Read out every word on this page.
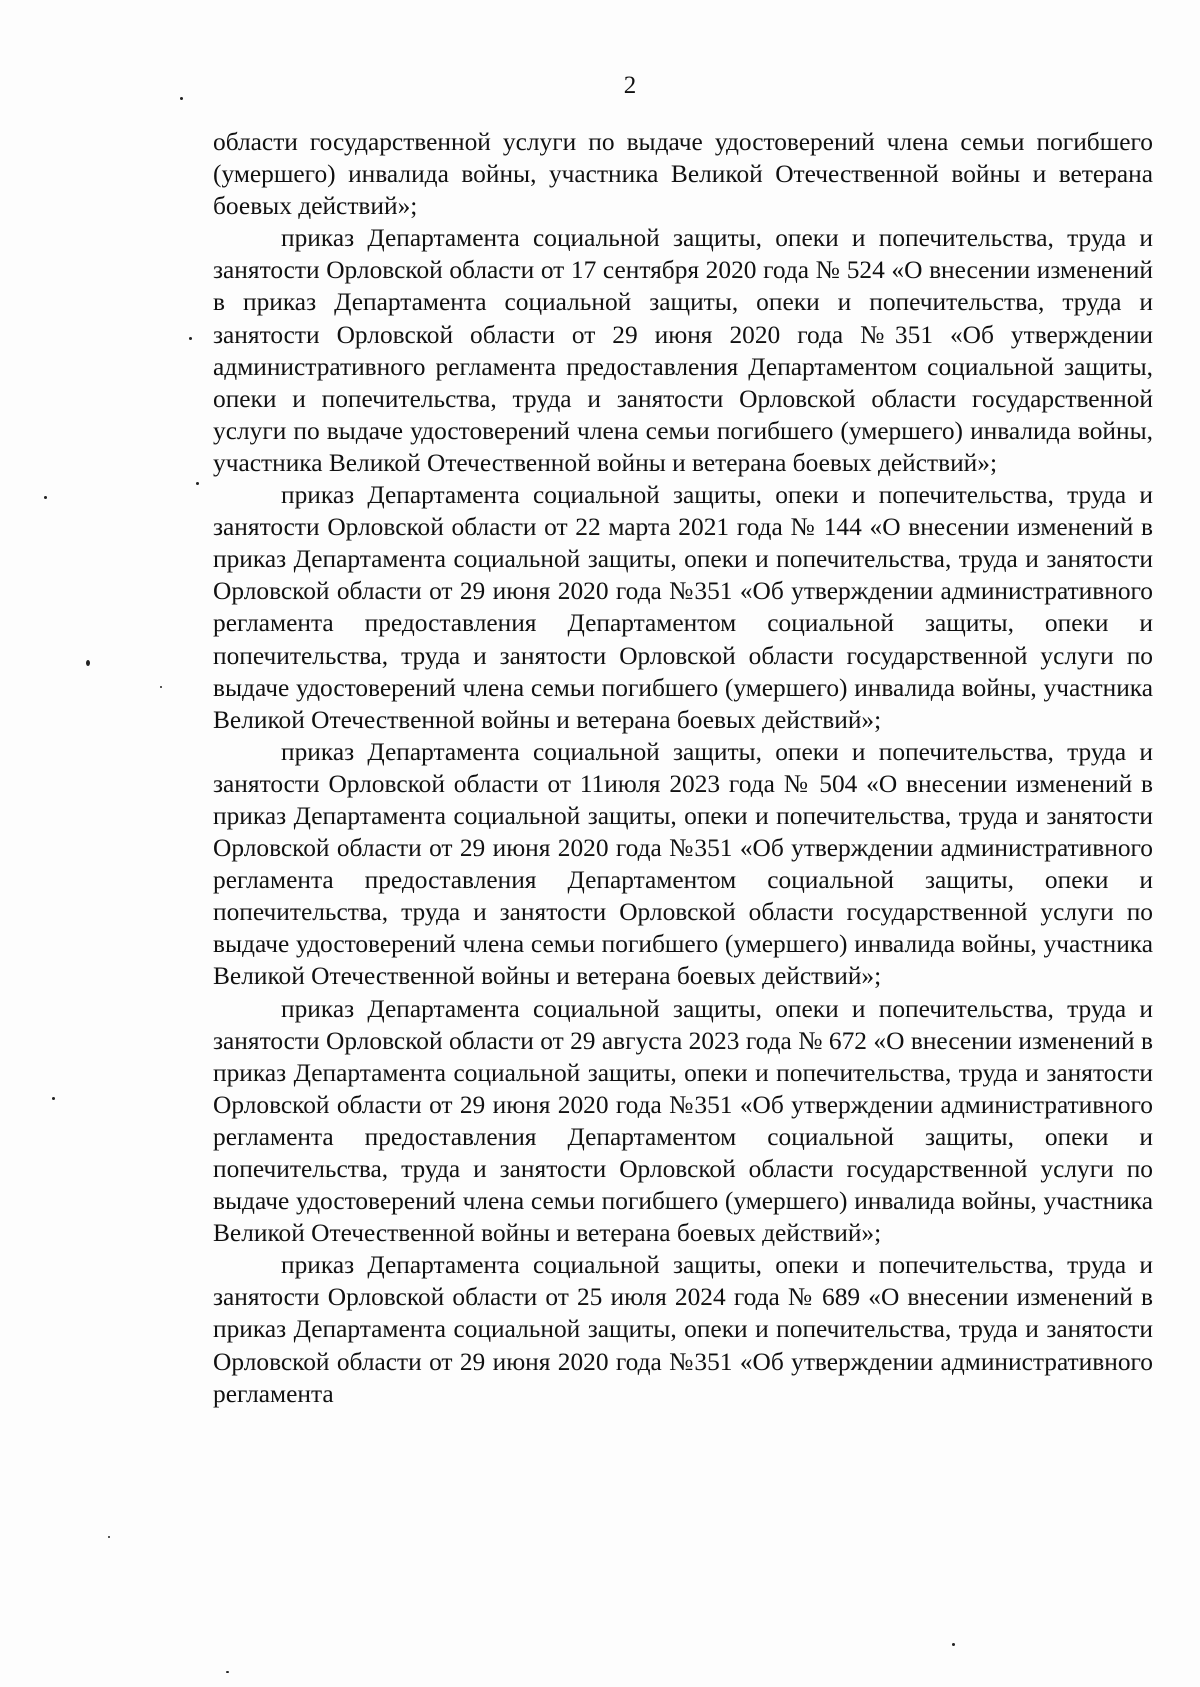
2

области государственной услуги по выдаче удостоверений члена семьи погибшего (умершего) инвалида войны, участника Великой Отечественной войны и ветерана боевых действий»;

приказ Департамента социальной защиты, опеки и попечительства, труда и занятости Орловской области от 17 сентября 2020 года № 524 «О внесении изменений в приказ Департамента социальной защиты, опеки и попечительства, труда и занятости Орловской области от 29 июня 2020 года №351 «Об утверждении административного регламента предоставления Департаментом социальной защиты, опеки и попечительства, труда и занятости Орловской области государственной услуги по выдаче удостоверений члена семьи погибшего (умершего) инвалида войны, участника Великой Отечественной войны и ветерана боевых действий»;

приказ Департамента социальной защиты, опеки и попечительства, труда и занятости Орловской области от 22 марта 2021 года № 144 «О внесении изменений в приказ Департамента социальной защиты, опеки и попечительства, труда и занятости Орловской области от 29 июня 2020 года №351 «Об утверждении административного регламента предоставления Департаментом социальной защиты, опеки и попечительства, труда и занятости Орловской области государственной услуги по выдаче удостоверений члена семьи погибшего (умершего) инвалида войны, участника Великой Отечественной войны и ветерана боевых действий»;

приказ Департамента социальной защиты, опеки и попечительства, труда и занятости Орловской области от 11июля 2023 года № 504 «О внесении изменений в приказ Департамента социальной защиты, опеки и попечительства, труда и занятости Орловской области от 29 июня 2020 года №351 «Об утверждении административного регламента предоставления Департаментом социальной защиты, опеки и попечительства, труда и занятости Орловской области государственной услуги по выдаче удостоверений члена семьи погибшего (умершего) инвалида войны, участника Великой Отечественной войны и ветерана боевых действий»;

приказ Департамента социальной защиты, опеки и попечительства, труда и занятости Орловской области от 29 августа 2023 года № 672 «О внесении изменений в приказ Департамента социальной защиты, опеки и попечительства, труда и занятости Орловской области от 29 июня 2020 года №351 «Об утверждении административного регламента предоставления Департаментом социальной защиты, опеки и попечительства, труда и занятости Орловской области государственной услуги по выдаче удостоверений члена семьи погибшего (умершего) инвалида войны, участника Великой Отечественной войны и ветерана боевых действий»;

приказ Департамента социальной защиты, опеки и попечительства, труда и занятости Орловской области от 25 июля 2024 года № 689 «О внесении изменений в приказ Департамента социальной защиты, опеки и попечительства, труда и занятости Орловской области от 29 июня 2020 года №351 «Об утверждении административного регламента
